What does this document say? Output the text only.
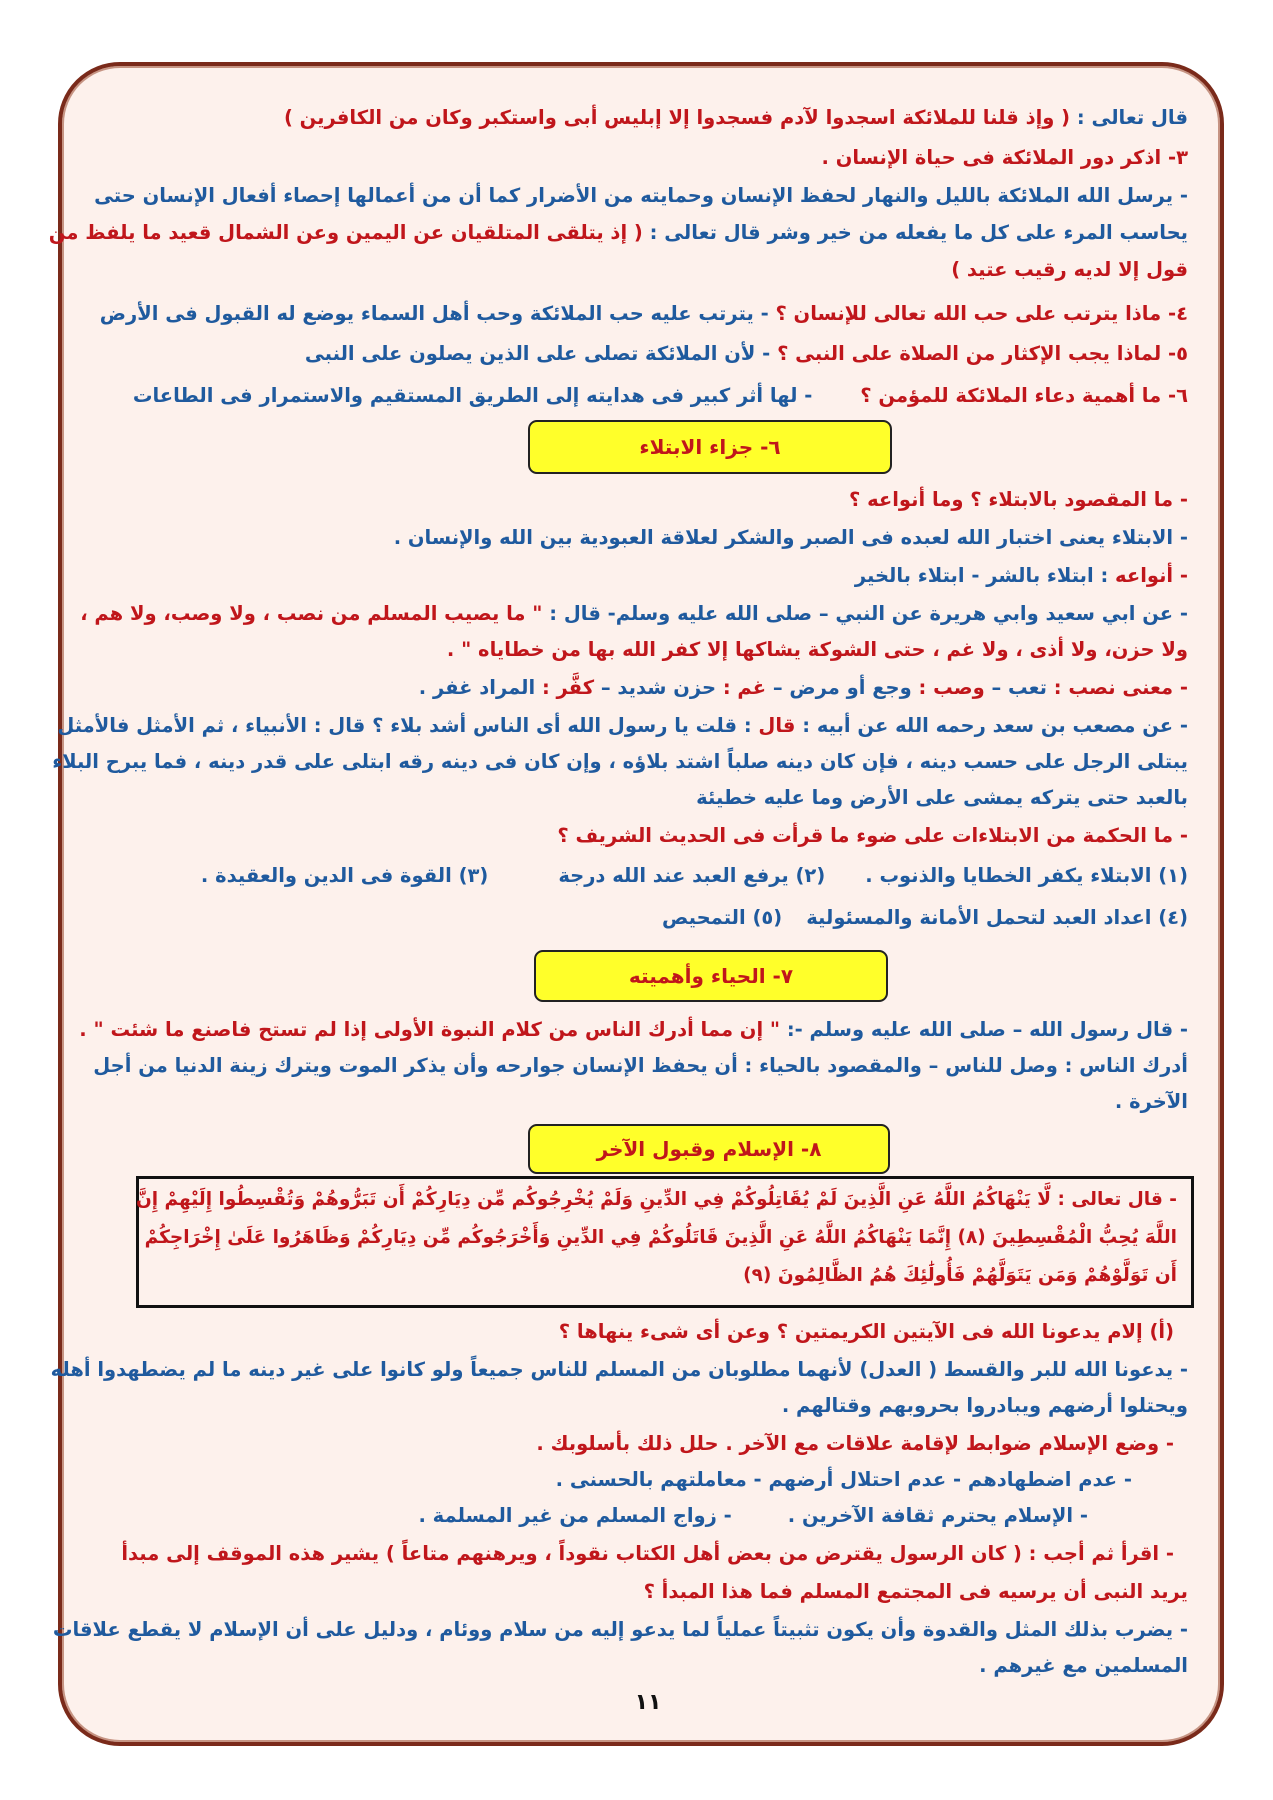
قال تعالى : ( وإذ قلنا للملائكة اسجدوا لآدم فسجدوا إلا إبليس أبى واستكبر وكان من الكافرين )
٣- اذكر دور الملائكة فى حياة الإنسان .
- يرسل الله الملائكة بالليل والنهار لحفظ الإنسان وحمايته من الأضرار كما أن من أعمالها إحصاء أفعال الإنسان حتى
يحاسب المرء على كل ما يفعله من خير وشر قال تعالى : ( إذ يتلقى المتلقيان عن اليمين وعن الشمال قعيد ما يلفظ من
قول إلا لديه رقيب عتيد )
٤- ماذا يترتب على حب الله تعالى للإنسان ؟ - يترتب عليه حب الملائكة وحب أهل السماء يوضع له القبول فى الأرض
٥- لماذا يجب الإكثار من الصلاة على النبى ؟ - لأن الملائكة تصلى على الذين يصلون على النبى
٦- ما أهمية دعاء الملائكة للمؤمن ؟- لها أثر كبير فى هدايته إلى الطريق المستقيم والاستمرار فى الطاعات
٦- جزاء الابتلاء
- ما المقصود بالابتلاء ؟ وما أنواعه ؟
- الابتلاء يعنى اختبار الله لعبده فى الصبر والشكر لعلاقة العبودية بين الله والإنسان .
- أنواعه : ابتلاء بالشر - ابتلاء بالخير
- عن ابي سعيد وابي هريرة عن النبي – صلى الله عليه وسلم- قال : " ما يصيب المسلم من نصب ، ولا وصب، ولا هم ،
ولا حزن، ولا أذى ، ولا غم ، حتى الشوكة يشاكها إلا كفر الله بها من خطاياه " .
- معنى نصب : تعب – وصب : وجع أو مرض – غم : حزن شديد – كفَّر : المراد غفر .
- عن مصعب بن سعد رحمه الله عن أبيه : قال : قلت يا رسول الله أى الناس أشد بلاء ؟ قال : الأنبياء ، ثم الأمثل فالأمثل
يبتلى الرجل على حسب دينه ، فإن كان دينه صلباً اشتد بلاؤه ، وإن كان فى دينه رقه ابتلى على قدر دينه ، فما يبرح البلاء
بالعبد حتى يتركه يمشى على الأرض وما عليه خطيئة
- ما الحكمة من الابتلاءات على ضوء ما قرأت فى الحديث الشريف ؟
(١) الابتلاء يكفر الخطايا والذنوب .(٢) يرفع العبد عند الله درجة(٣) القوة فى الدين والعقيدة .
(٤) اعداد العبد لتحمل الأمانة والمسئولية(٥) التمحيص
٧- الحياء وأهميته
- قال رسول الله – صلى الله عليه وسلم -: " إن مما أدرك الناس من كلام النبوة الأولى إذا لم تستح فاصنع ما شئت " .
أدرك الناس : وصل للناس – والمقصود بالحياء : أن يحفظ الإنسان جوارحه وأن يذكر الموت ويترك زينة الدنيا من أجل
الآخرة .
٨- الإسلام وقبول الآخر
- قال تعالى : لَّا يَنْهَاكُمُ اللَّهُ عَنِ الَّذِينَ لَمْ يُقَاتِلُوكُمْ فِي الدِّينِ وَلَمْ يُخْرِجُوكُم مِّن دِيَارِكُمْ أَن تَبَرُّوهُمْ وَتُقْسِطُوا إِلَيْهِمْ إِنَّ
اللَّهَ يُحِبُّ الْمُقْسِطِينَ (٨) إِنَّمَا يَنْهَاكُمُ اللَّهُ عَنِ الَّذِينَ قَاتَلُوكُمْ فِي الدِّينِ وَأَخْرَجُوكُم مِّن دِيَارِكُمْ وَظَاهَرُوا عَلَىٰ إِخْرَاجِكُمْ
أَن تَوَلَّوْهُمْ وَمَن يَتَوَلَّهُمْ فَأُولَٰئِكَ هُمُ الظَّالِمُونَ (٩)
(أ) إلام يدعونا الله فى الآيتين الكريمتين ؟ وعن أى شىء ينهاها ؟
- يدعونا الله للبر والقسط ( العدل) لأنهما مطلوبان من المسلم للناس جميعاً ولو كانوا على غير دينه ما لم يضطهدوا أهله
ويحتلوا أرضهم ويبادروا بحروبهم وقتالهم .
- وضع الإسلام ضوابط لإقامة علاقات مع الآخر . حلل ذلك بأسلوبك .
- عدم اضطهادهم - عدم احتلال أرضهم - معاملتهم بالحسنى .
- الإسلام يحترم ثقافة الآخرين .- زواج المسلم من غير المسلمة .
- اقرأ ثم أجب : ( كان الرسول يقترض من بعض أهل الكتاب نقوداً ، ويرهنهم متاعاً ) يشير هذه الموقف إلى مبدأ
يريد النبى أن يرسيه فى المجتمع المسلم فما هذا المبدأ ؟
- يضرب بذلك المثل والقدوة وأن يكون تثبيتاً عملياً لما يدعو إليه من سلام ووئام ، ودليل على أن الإسلام لا يقطع علاقات
المسلمين مع غيرهم .
١١
